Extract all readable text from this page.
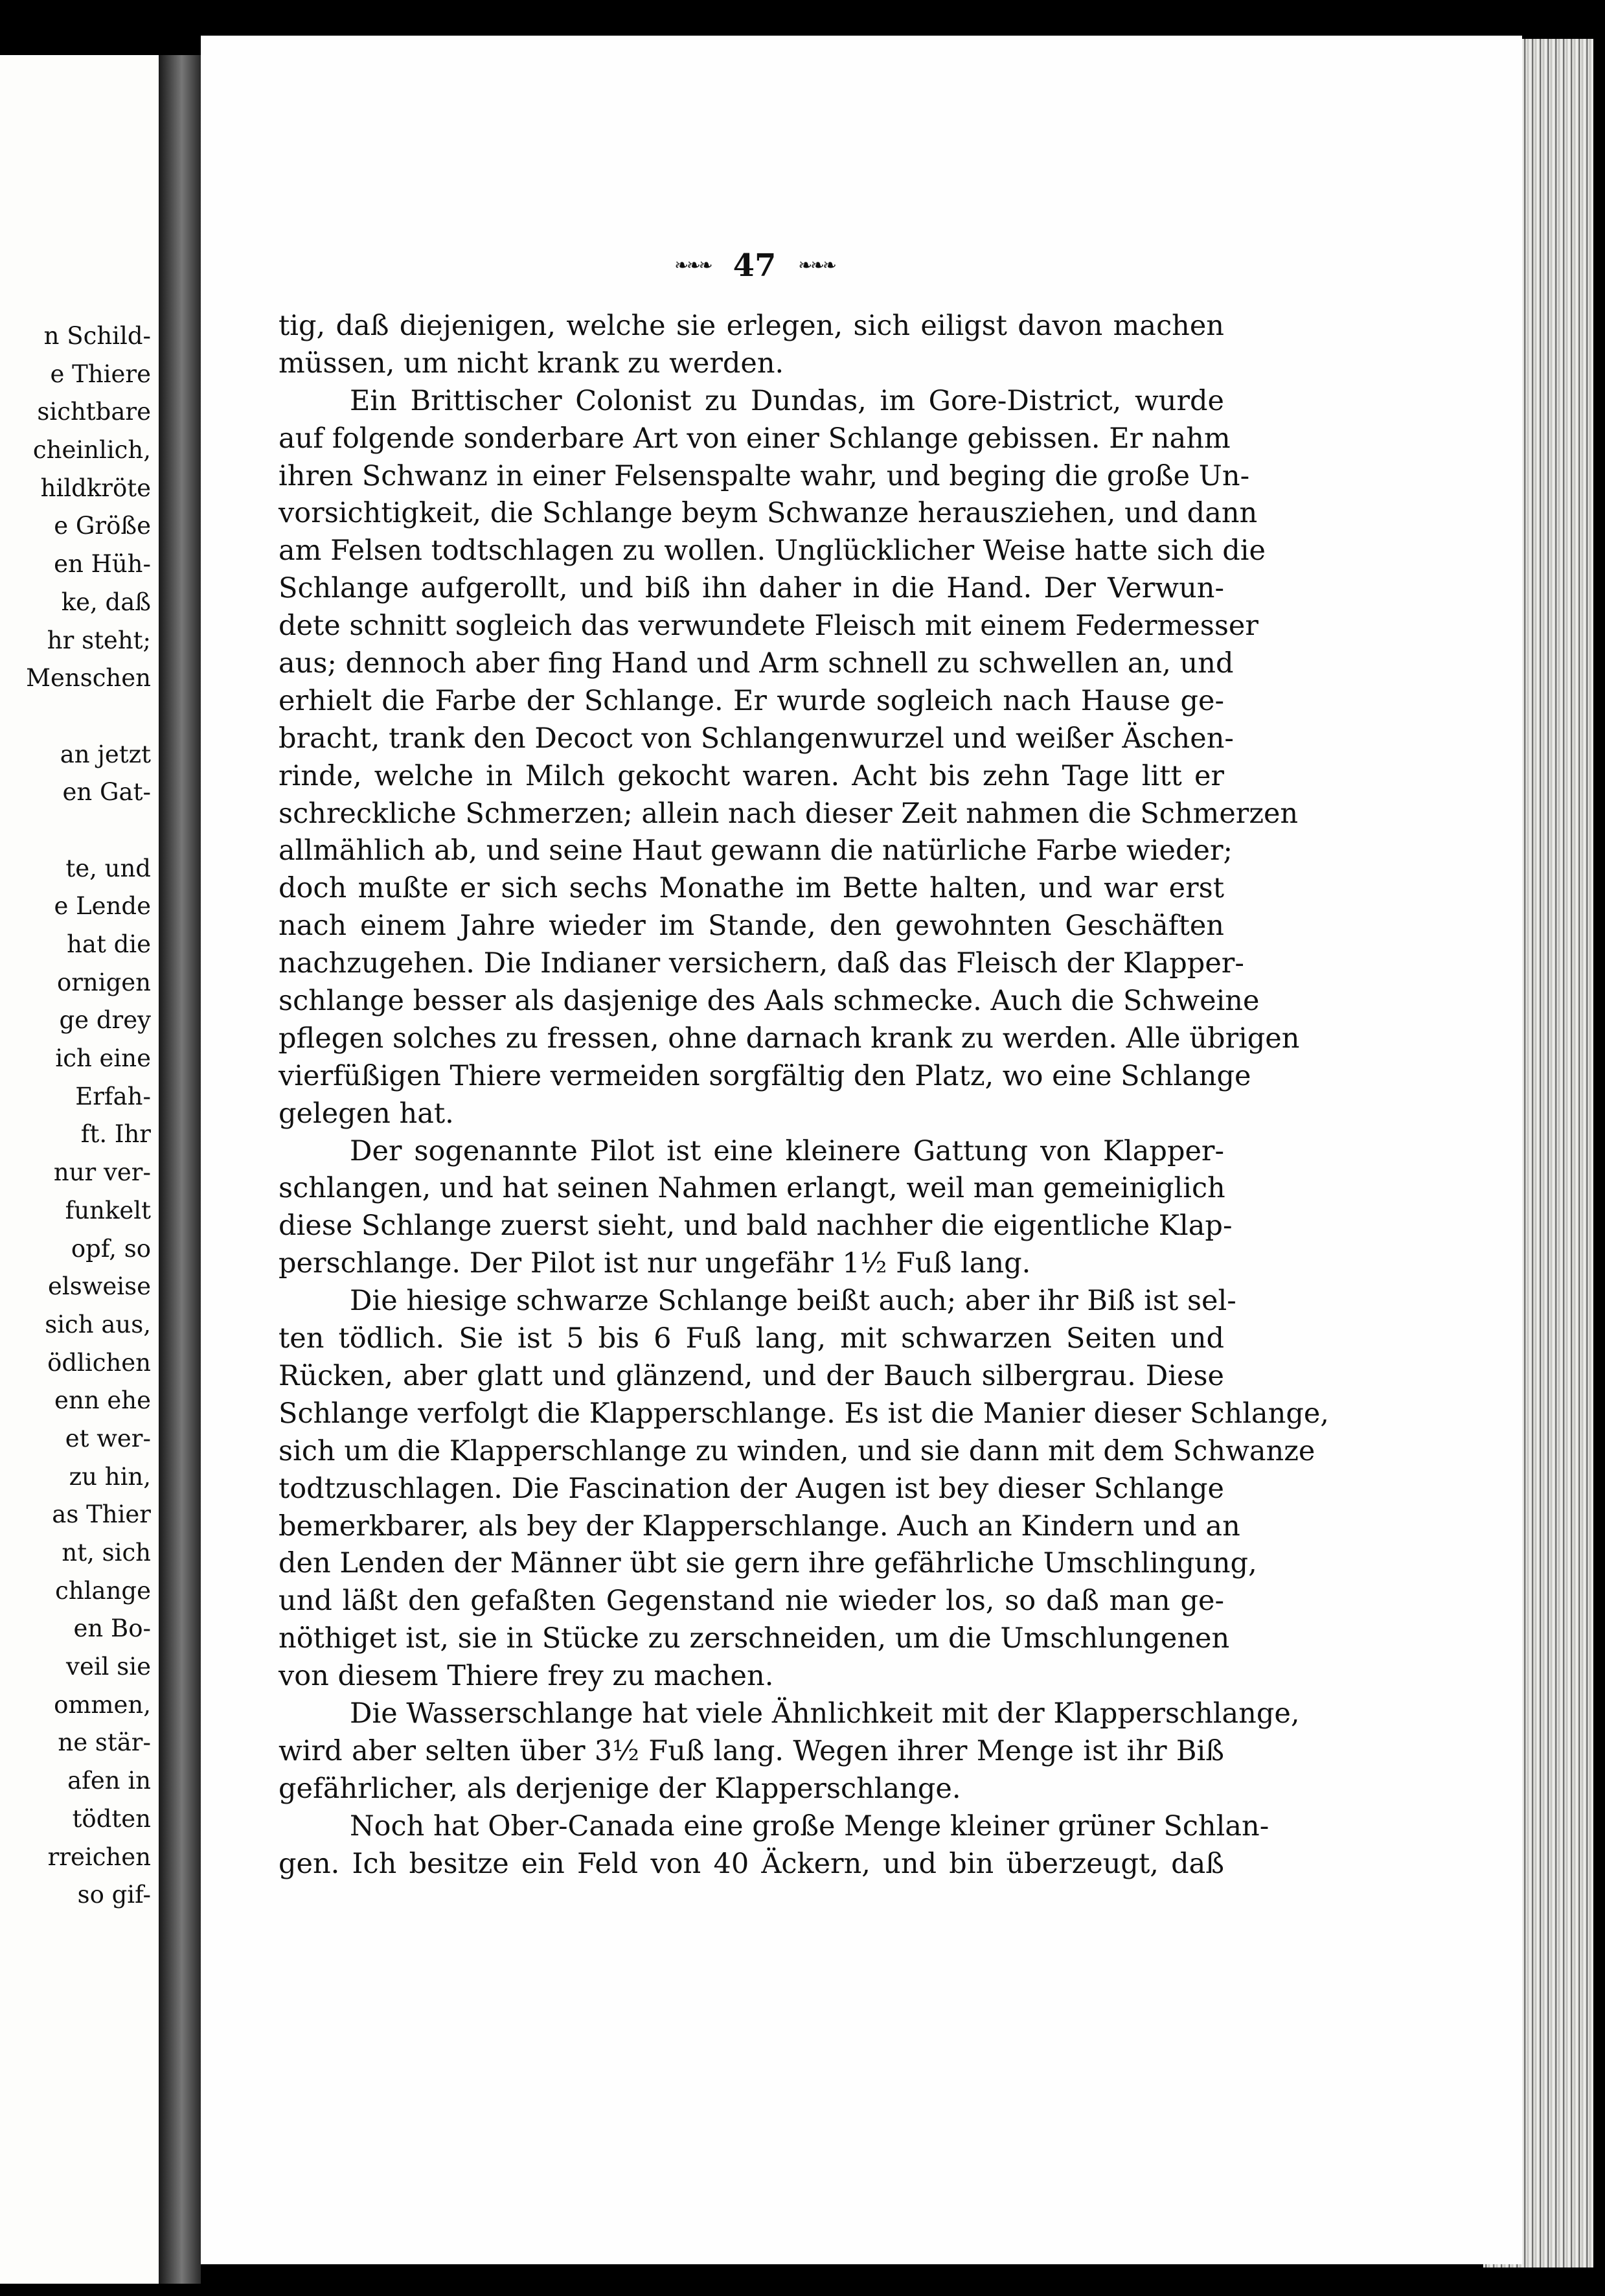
n Schild-
e Thiere
sichtbare
cheinlich,
hildkröte
e Größe
en Hüh-
ke, daß
hr steht;
Menschen
an jetzt
en Gat-
te, und
e Lende
hat die
ornigen
ge drey
ich eine
Erfah-
ft. Ihr
nur ver-
funkelt
opf, so
elsweise
sich aus,
ödlichen
enn ehe
et wer-
zu hin,
as Thier
nt, sich
chlange
en Bo-
veil sie
ommen,
ne stär-
afen in
tödten
rreichen
so gif-
❧❧❧ 47 ❧❧❧
tig, daß diejenigen, welche sie erlegen, sich eiligst davon machen
müssen, um nicht krank zu werden.
Ein Brittischer Colonist zu Dundas, im Gore-District, wurde
auf folgende sonderbare Art von einer Schlange gebissen. Er nahm
ihren Schwanz in einer Felsenspalte wahr, und beging die große Un-
vorsichtigkeit, die Schlange beym Schwanze herausziehen, und dann
am Felsen todtschlagen zu wollen. Unglücklicher Weise hatte sich die
Schlange aufgerollt, und biß ihn daher in die Hand. Der Verwun-
dete schnitt sogleich das verwundete Fleisch mit einem Federmesser
aus; dennoch aber fing Hand und Arm schnell zu schwellen an, und
erhielt die Farbe der Schlange. Er wurde sogleich nach Hause ge-
bracht, trank den Decoct von Schlangenwurzel und weißer Äschen-
rinde, welche in Milch gekocht waren. Acht bis zehn Tage litt er
schreckliche Schmerzen; allein nach dieser Zeit nahmen die Schmerzen
allmählich ab, und seine Haut gewann die natürliche Farbe wieder;
doch mußte er sich sechs Monathe im Bette halten, und war erst
nach einem Jahre wieder im Stande, den gewohnten Geschäften
nachzugehen. Die Indianer versichern, daß das Fleisch der Klapper-
schlange besser als dasjenige des Aals schmecke. Auch die Schweine
pflegen solches zu fressen, ohne darnach krank zu werden. Alle übrigen
vierfüßigen Thiere vermeiden sorgfältig den Platz, wo eine Schlange
gelegen hat.
Der sogenannte Pilot ist eine kleinere Gattung von Klapper-
schlangen, und hat seinen Nahmen erlangt, weil man gemeiniglich
diese Schlange zuerst sieht, und bald nachher die eigentliche Klap-
perschlange. Der Pilot ist nur ungefähr 1½ Fuß lang.
Die hiesige schwarze Schlange beißt auch; aber ihr Biß ist sel-
ten tödlich. Sie ist 5 bis 6 Fuß lang, mit schwarzen Seiten und
Rücken, aber glatt und glänzend, und der Bauch silbergrau. Diese
Schlange verfolgt die Klapperschlange. Es ist die Manier dieser Schlange,
sich um die Klapperschlange zu winden, und sie dann mit dem Schwanze
todtzuschlagen. Die Fascination der Augen ist bey dieser Schlange
bemerkbarer, als bey der Klapperschlange. Auch an Kindern und an
den Lenden der Männer übt sie gern ihre gefährliche Umschlingung,
und läßt den gefaßten Gegenstand nie wieder los, so daß man ge-
nöthiget ist, sie in Stücke zu zerschneiden, um die Umschlungenen
von diesem Thiere frey zu machen.
Die Wasserschlange hat viele Ähnlichkeit mit der Klapperschlange,
wird aber selten über 3½ Fuß lang. Wegen ihrer Menge ist ihr Biß
gefährlicher, als derjenige der Klapperschlange.
Noch hat Ober-Canada eine große Menge kleiner grüner Schlan-
gen. Ich besitze ein Feld von 40 Äckern, und bin überzeugt, daß
